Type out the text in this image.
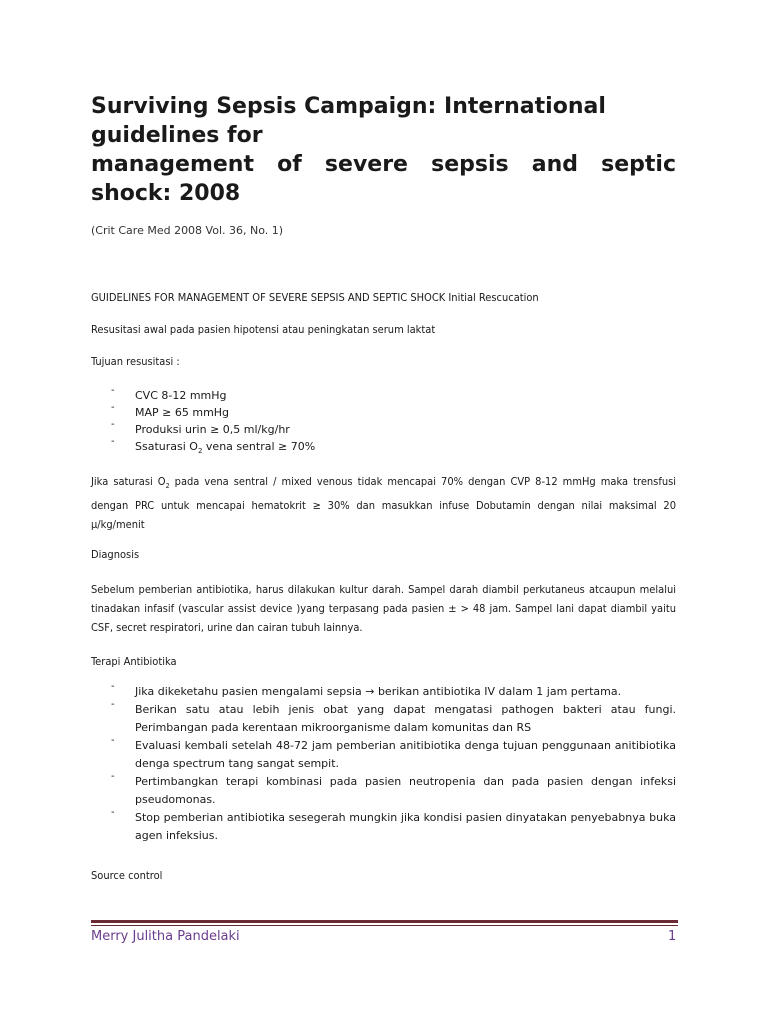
Surviving Sepsis Campaign: International
guidelines for
management of severe sepsis and septic
shock: 2008
(Crit Care Med 2008 Vol. 36, No. 1)
GUIDELINES FOR MANAGEMENT OF SEVERE SEPSIS AND SEPTIC SHOCK Initial Rescucation
Resusitasi awal pada pasien hipotensi atau peningkatan serum laktat
Tujuan resusitasi :
- CVC 8-12 mmHg
- MAP ≥ 65 mmHg
- Produksi urin ≥ 0,5 ml/kg/hr
- Ssaturasi $O_2$ vena sentral ≥ 70%
Jika saturasi $O_2$ pada vena sentral / mixed venous tidak mencapai 70% dengan CVP 8-12 mmHg maka trensfusi dengan PRC untuk mencapai hematokrit ≥ 30% dan masukkan infuse Dobutamin dengan nilai maksimal 20 µ/kg/menit
Diagnosis
Sebelum pemberian antibiotika, harus dilakukan kultur darah. Sampel darah diambil perkutaneus atcaupun melalui tinadakan infasif (vascular assist device )yang terpasang pada pasien ± > 48 jam. Sampel lani dapat diambil yaitu CSF, secret respiratori, urine dan cairan tubuh lainnya.
Terapi Antibiotika
- Jika dikeketahu pasien mengalami sepsia → berikan antibiotika IV dalam 1 jam pertama.
- Berikan satu atau lebih jenis obat yang dapat mengatasi pathogen bakteri atau fungi. Perimbangan pada kerentaan mikroorganisme dalam komunitas dan RS
- Evaluasi kembali setelah 48-72 jam pemberian anitibiotika denga tujuan penggunaan anitibiotika denga spectrum tang sangat sempit.
- Pertimbangkan terapi kombinasi pada pasien neutropenia dan pada pasien dengan infeksi pseudomonas.
- Stop pemberian antibiotika sesegerah mungkin jika kondisi pasien dinyatakan penyebabnya buka agen infeksius.
Source control
Merry Julitha Pandelaki	1
